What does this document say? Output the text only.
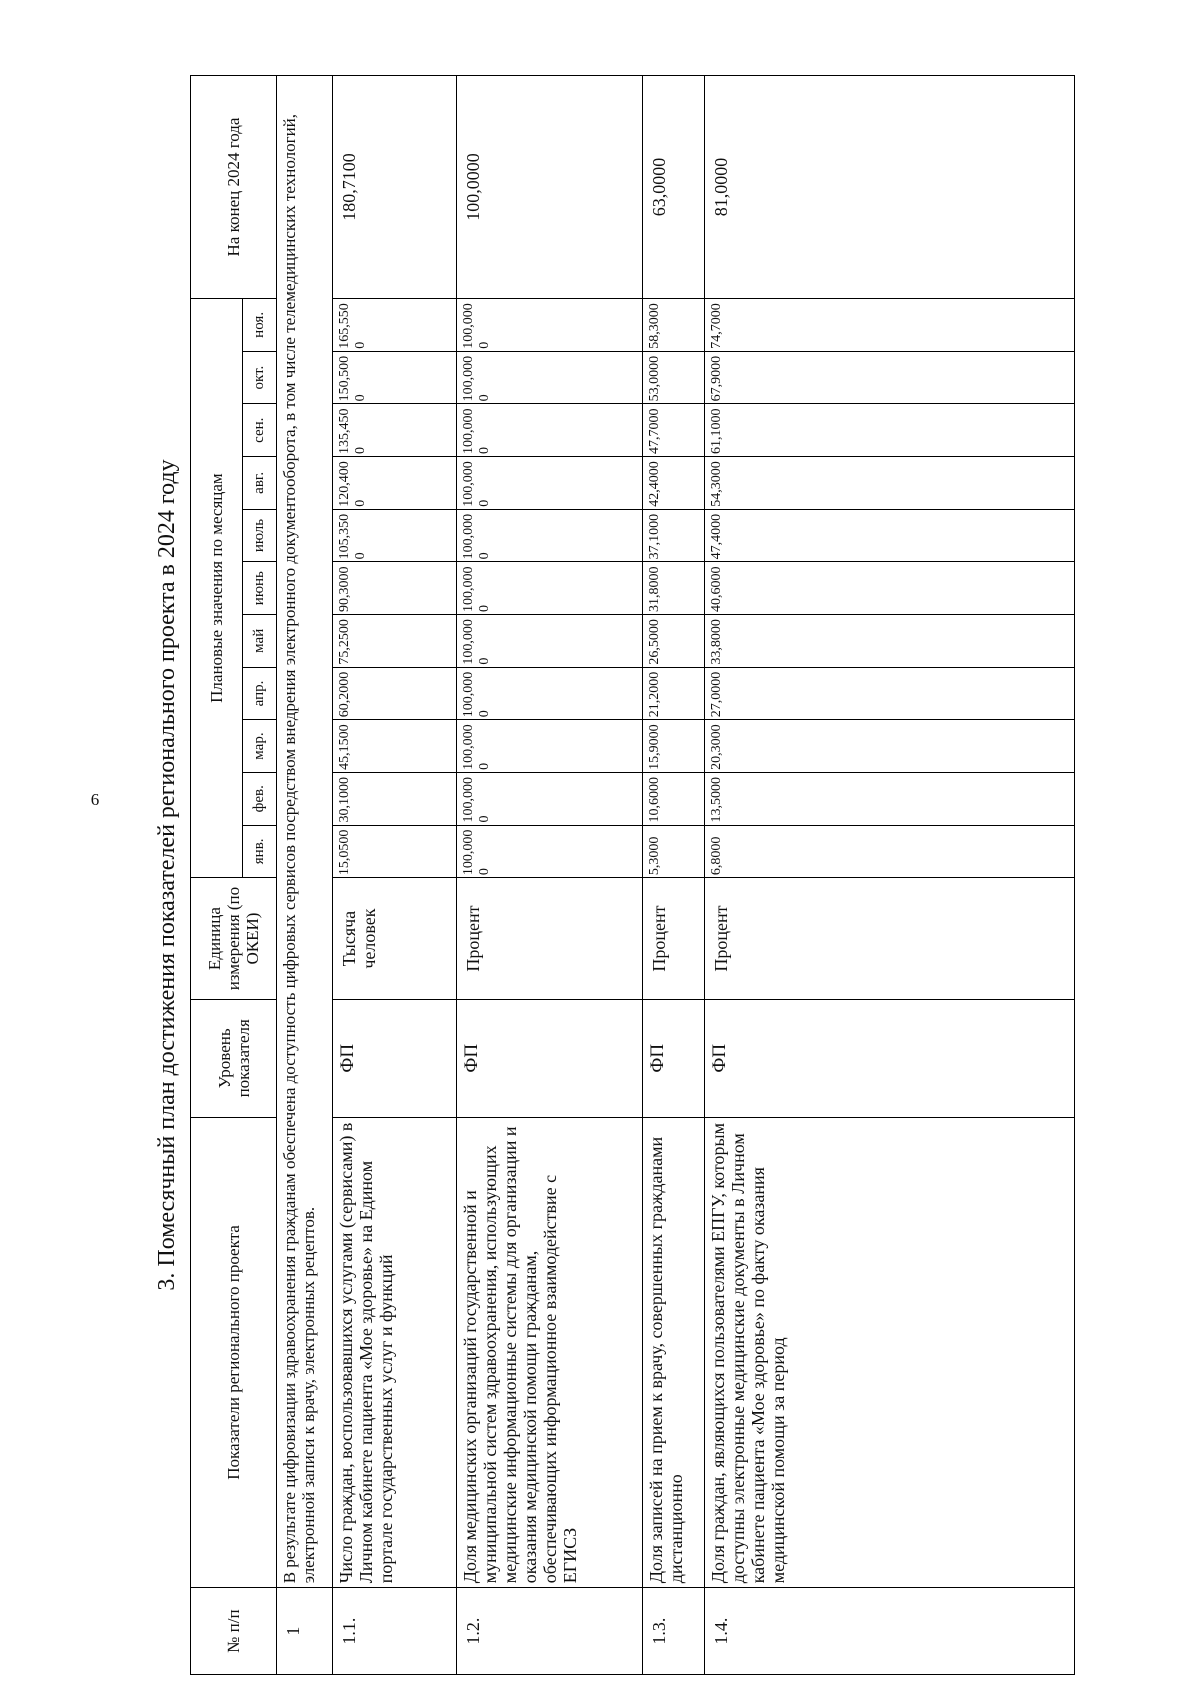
6	3. Помесячный план достижения показателей регионального проекта в 2024 году
№ п/п	Показатели регионального проекта	Уровень показателя	Единица измерения (по ОКЕИ)	Плановые значения по месяцам											На конец 2024 года
				янв.	фев.	мар.	апр.	май	июнь	июль	авг.	сен.	окт.	ноя.	
1	В результате цифровизации здравоохранения гражданам обеспечена доступность цифровых сервисов посредством внедрения электронного документооборота, в том числе телемедицинских технологий, электронной записи к врачу, электронных рецептов.														
1.1.	Число граждан, воспользовавшихся услугами (сервисами) в Личном кабинете пациента «Мое здоровье» на Едином портале государственных услуг и функций	ФП	Тысяча человек	15,0500	30,1000	45,1500	60,2000	75,2500	90,3000	105,3500	120,4000	135,4500	150,5000	165,5500	180,7100
1.2.	Доля медицинских организаций государственной и муниципальной систем здравоохранения, использующих медицинские информационные системы для организации и оказания медицинской помощи гражданам, обеспечивающих информационное взаимодействие с ЕГИСЗ	ФП	Процент	100,0000	100,0000	100,0000	100,0000	100,0000	100,0000	100,0000	100,0000	100,0000	100,0000	100,0000	100,0000
1.3.	Доля записей на прием к врачу, совершенных гражданами дистанционно	ФП	Процент	5,3000	10,6000	15,9000	21,2000	26,5000	31,8000	37,1000	42,4000	47,7000	53,0000	58,3000	63,0000
1.4.	Доля граждан, являющихся пользователями ЕПГУ, которым доступны электронные медицинские документы в Личном кабинете пациента «Мое здоровье» по факту оказания медицинской помощи за период	ФП	Процент	6,8000	13,5000	20,3000	27,0000	33,8000	40,6000	47,4000	54,3000	61,1000	67,9000	74,7000	81,0000
